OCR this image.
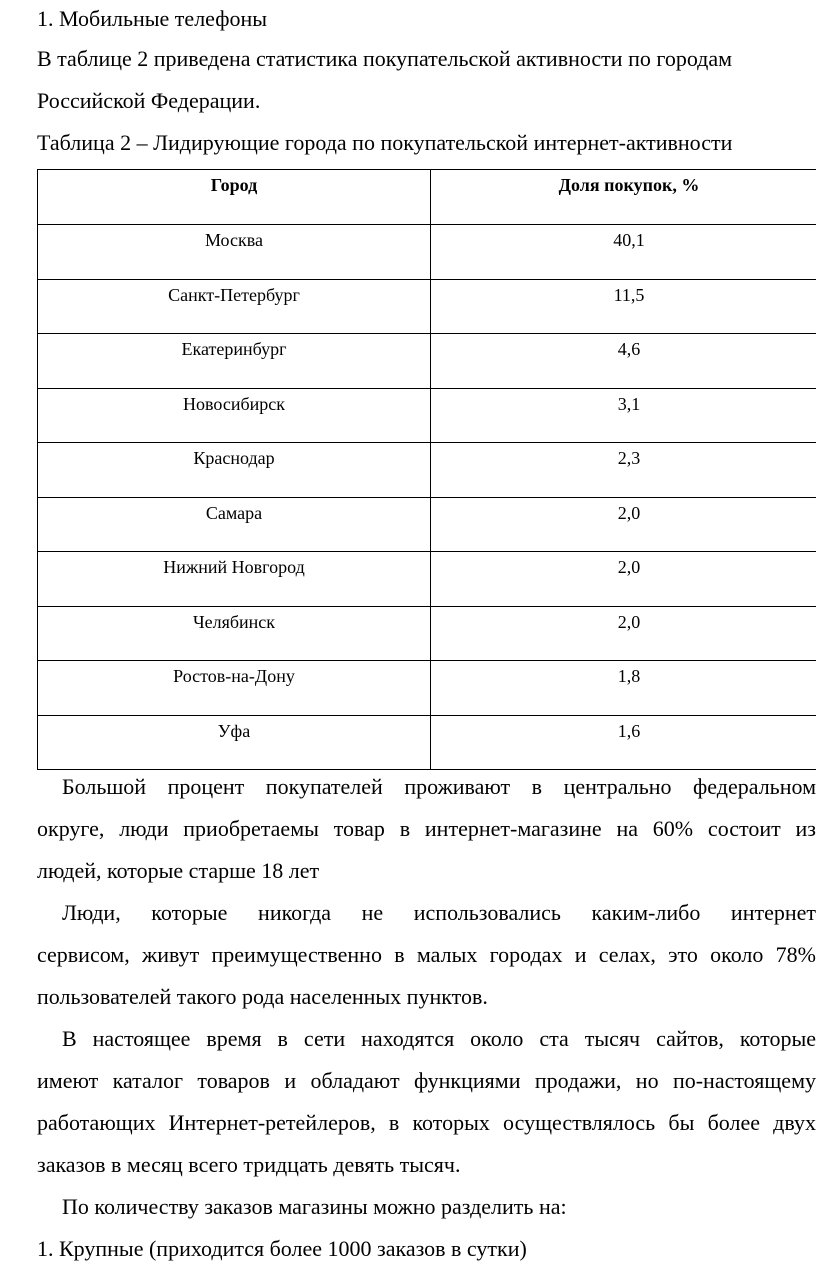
1. Мобильные телефоны
В таблице 2 приведена статистика покупательской активности по городам
Российской Федерации.
Таблица 2 – Лидирующие города по покупательской интернет-активности
Город	Доля покупок, %
Москва	40,1
Санкт-Петербург	11,5
Екатеринбург	4,6
Новосибирск	3,1
Краснодар	2,3
Самара	2,0
Нижний Новгород	2,0
Челябинск	2,0
Ростов-на-Дону	1,8
Уфа	1,6
Большой процент покупателей проживают в центрально федеральном
округе, люди приобретаемы товар в интернет-магазине на 60% состоит из
людей, которые старше 18 лет
Люди, которые никогда не использовались каким-либо интернет
сервисом, живут преимущественно в малых городах и селах, это около 78%
пользователей такого рода населенных пунктов.
В настоящее время в сети находятся около ста тысяч сайтов, которые
имеют каталог товаров и обладают функциями продажи, но по-настоящему
работающих Интернет-ретейлеров, в которых осуществлялось бы более двух
заказов в месяц всего тридцать девять тысяч.
По количеству заказов магазины можно разделить на:
1. Крупные (приходится более 1000 заказов в сутки)
